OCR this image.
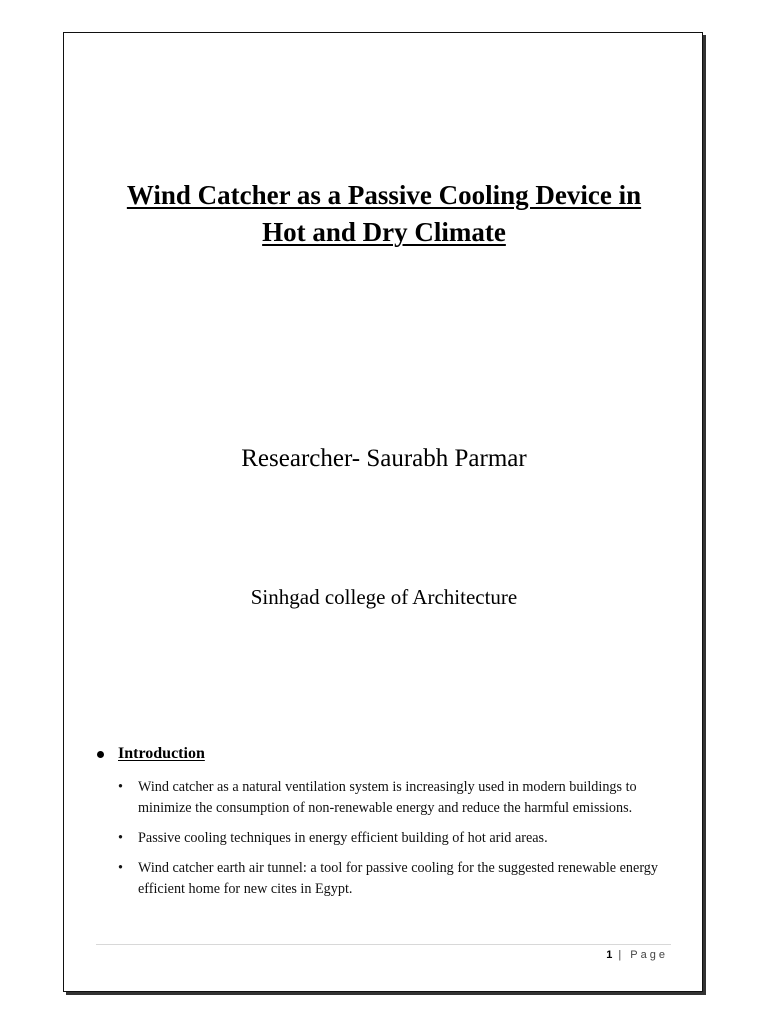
Wind Catcher as a Passive Cooling Device in
Hot and Dry Climate
Researcher- Saurabh Parmar
Sinhgad college of Architecture
Introduction
• Wind catcher as a natural ventilation system is increasingly used in modern buildings to minimize the consumption of non-renewable energy and reduce the harmful emissions.
• Passive cooling techniques in energy efficient building of hot arid areas.
• Wind catcher earth air tunnel: a tool for passive cooling for the suggested renewable energy efficient home for new cites in Egypt.
1 | Page
